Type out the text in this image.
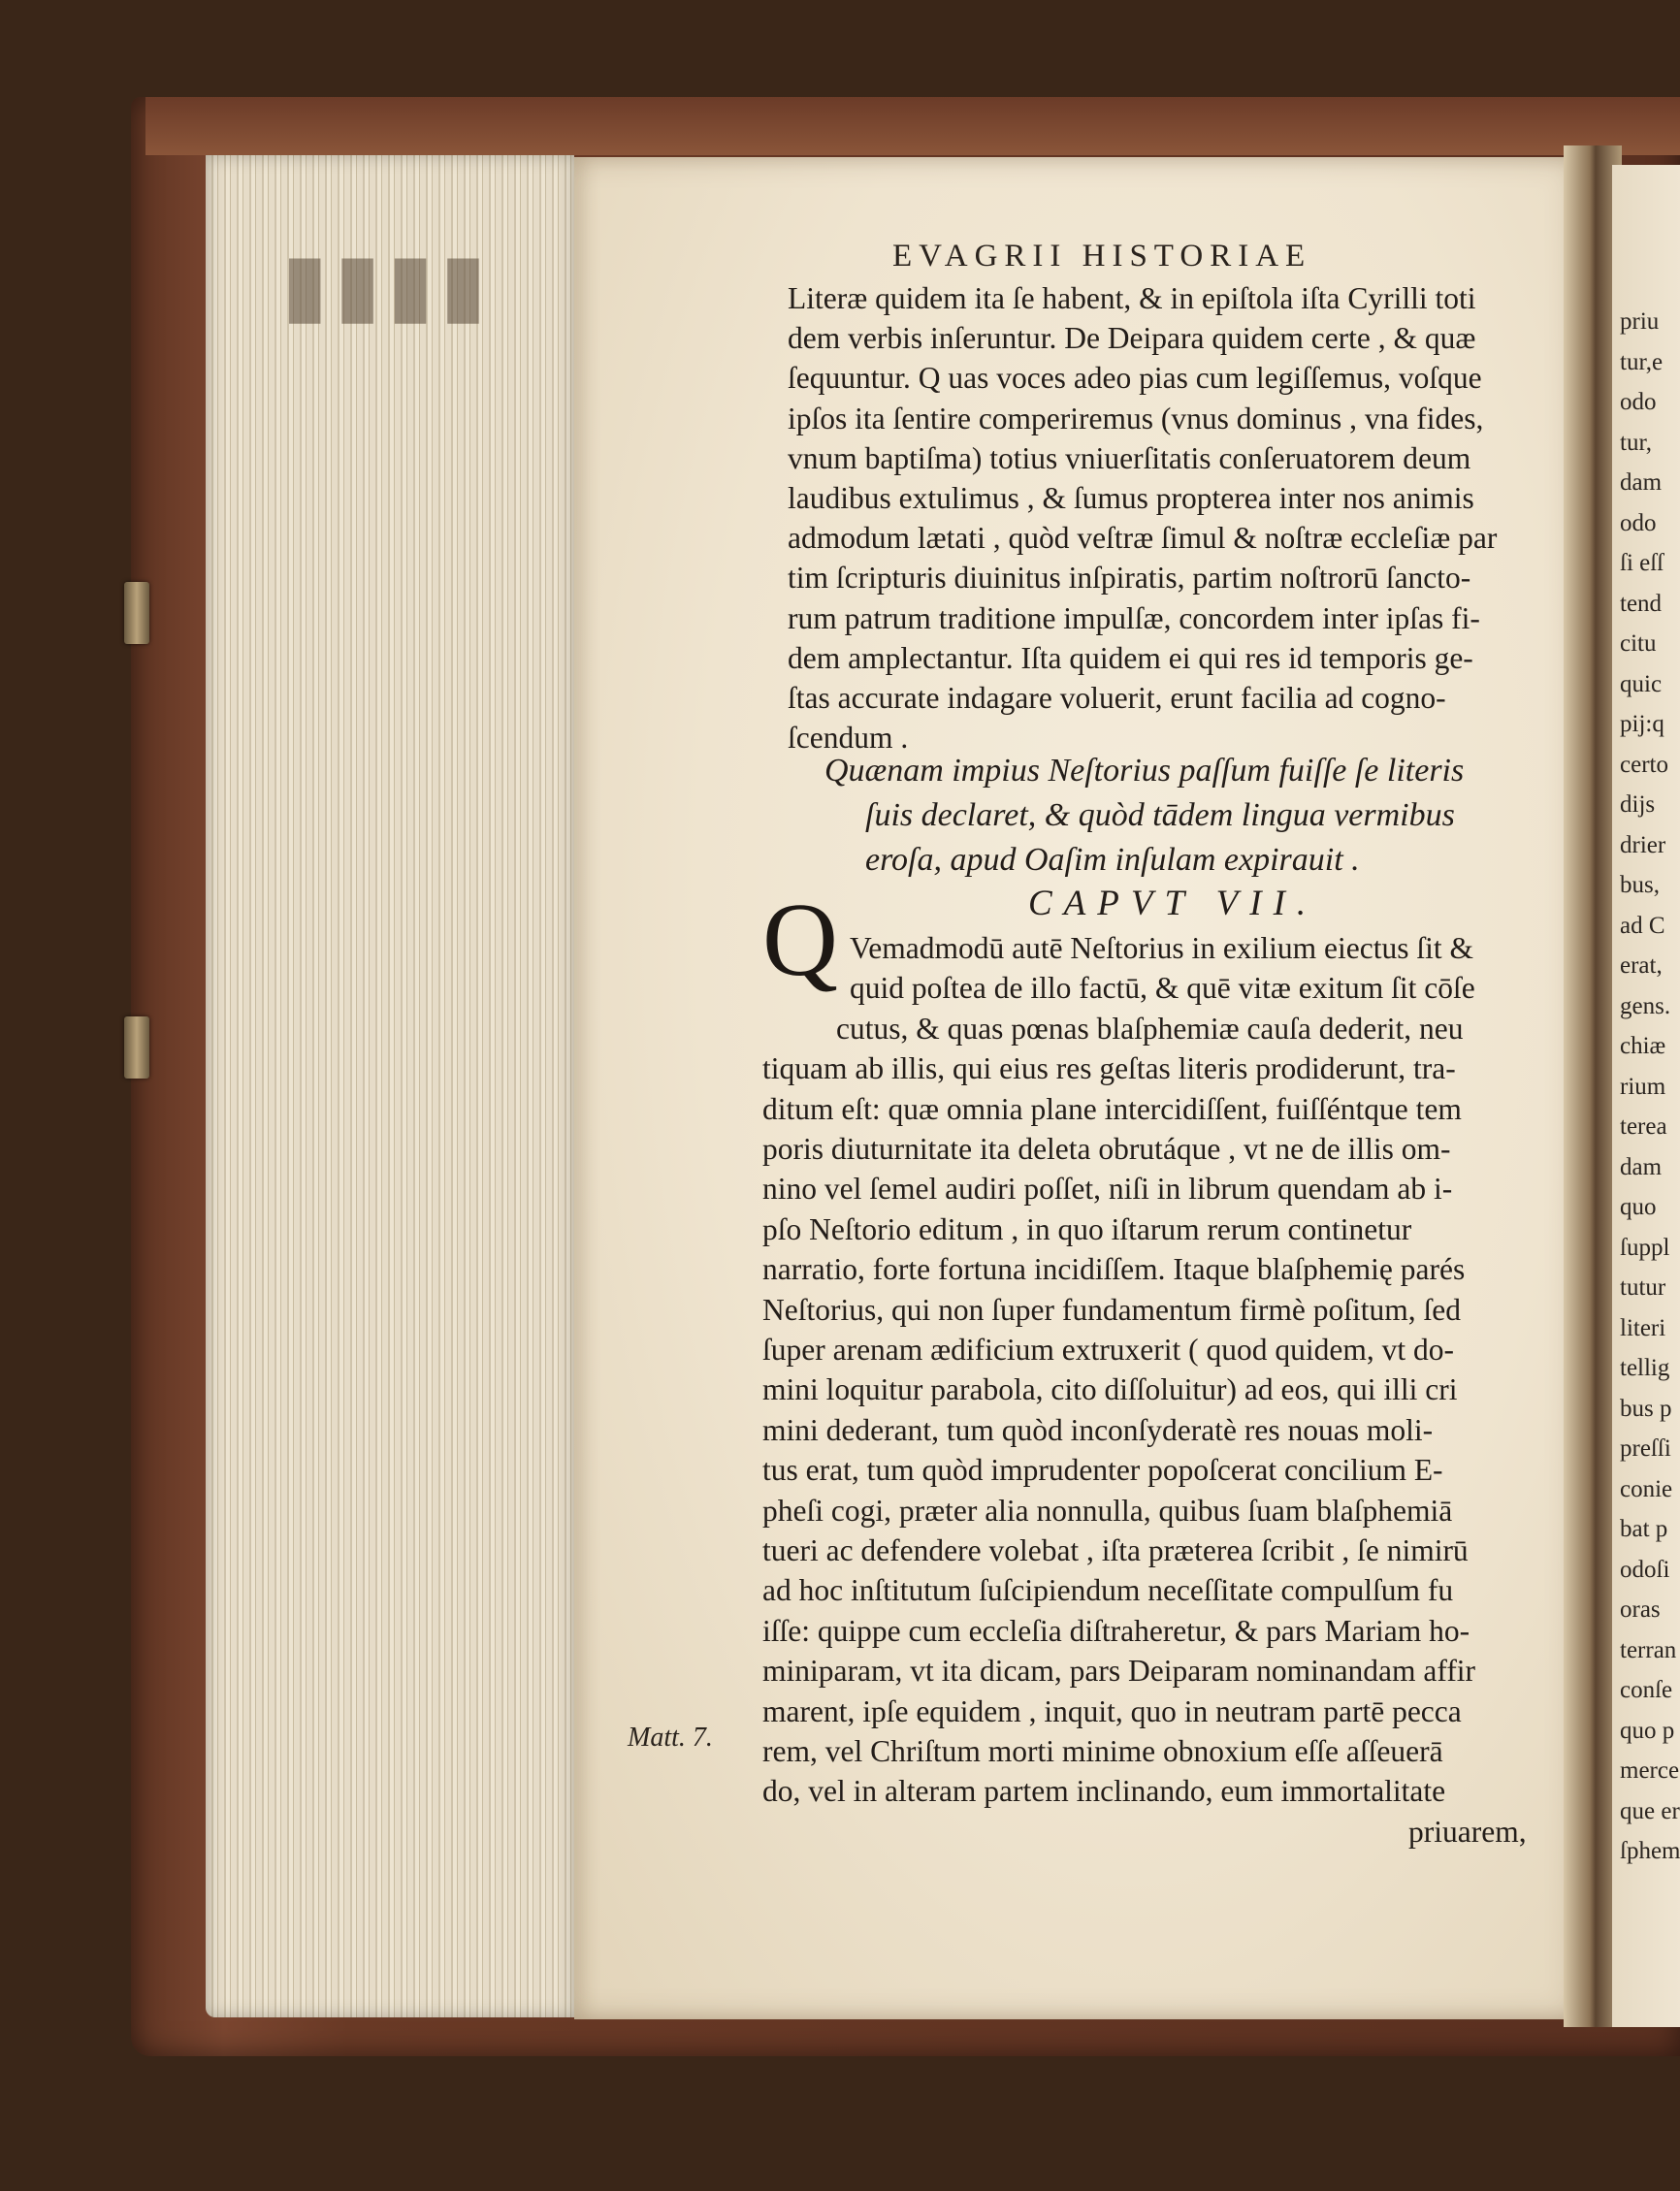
▮▮▮▮	priu
tur,e
odo
tur,
dam
odo
ſi eſſ
tend
citu
quic
pij:q
certo
dijs
drier
bus,
ad C
erat,
gens.
chiæ
rium
terea
dam
quo
ſuppl
tutur
literi
tellig
bus p
preſſi
conie
bat p
odoſi
oras
terran
conſe
quo p
merce
que er
ſphem
EVAGRII HISTORIAE
Literæ quidem ita ſe habent, & in epiſtola iſta Cyrilli toti
dem verbis inſeruntur. De Deipara quidem certe , & quæ
ſequuntur. Q uas voces adeo pias cum legiſſemus, voſque
ipſos ita ſentire comperiremus (vnus dominus , vna fides,
vnum baptiſma) totius vniuerſitatis conſeruatorem deum
laudibus extulimus , & ſumus propterea inter nos animis
admodum lætati , quòd veſtræ ſimul & noſtræ eccleſiæ par
tim ſcripturis diuinitus inſpiratis, partim noſtrorū ſancto-
rum patrum traditione impulſæ, concordem inter ipſas fi-
dem amplectantur. Iſta quidem ei qui res id temporis ge-
ſtas accurate indagare voluerit, erunt facilia ad cogno-
ſcendum .
Quænam impius Neſtorius paſſum fuiſſe ſe literis
ſuis declaret, & quòd tādem lingua vermibus
eroſa, apud Oaſim inſulam expirauit .
CAPVT VII.
Q Vemadmodū autē Neſtorius in exilium eiectus ſit &
quid poſtea de illo factū, & quē vitæ exitum ſit cōſe
cutus, & quas pœnas blaſphemiæ cauſa dederit, neu
tiquam ab illis, qui eius res geſtas literis prodiderunt, tra-
ditum eſt: quæ omnia plane intercidiſſent, fuiſſéntque tem
poris diuturnitate ita deleta obrutáque , vt ne de illis om-
nino vel ſemel audiri poſſet, niſi in librum quendam ab i-
pſo Neſtorio editum , in quo iſtarum rerum continetur
narratio, forte fortuna incidiſſem. Itaque blaſphemię parés
Neſtorius, qui non ſuper fundamentum firmè poſitum, ſed
ſuper arenam ædificium extruxerit ( quod quidem, vt do-
mini loquitur parabola, cito diſſoluitur) ad eos, qui illi cri
mini dederant, tum quòd inconſyderatè res nouas moli-
tus erat, tum quòd imprudenter popoſcerat concilium E-
pheſi cogi, præter alia nonnulla, quibus ſuam blaſphemiā
tueri ac defendere volebat , iſta præterea ſcribit , ſe nimirū
ad hoc inſtitutum ſuſcipiendum neceſſitate compulſum fu
iſſe: quippe cum eccleſia diſtraheretur, & pars Mariam ho-
miniparam, vt ita dicam, pars Deiparam nominandam affir
marent, ipſe equidem , inquit, quo in neutram partē pecca
rem, vel Chriſtum morti minime obnoxium eſſe aſſeuerā
do, vel in alteram partem inclinando, eum immortalitate
priuarem,
Matt. 7.
